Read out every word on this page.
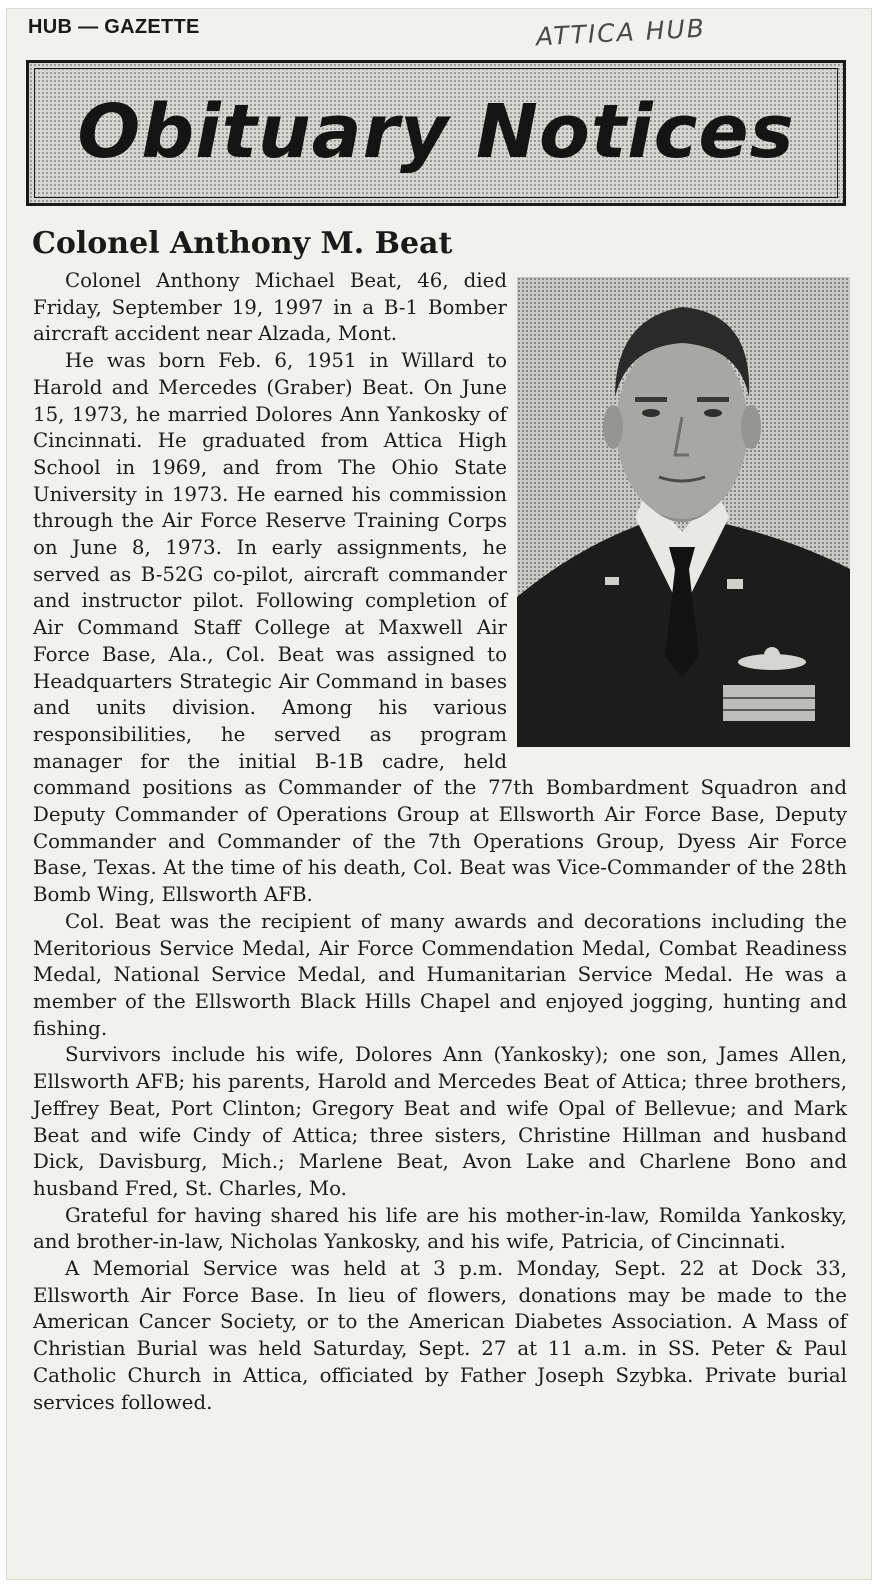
HUB — GAZETTE	ATTICA HUB
Obituary Notices
Colonel Anthony M. Beat

Colonel Anthony Michael Beat, 46, died Friday, September 19, 1997 in a B-1 Bomber aircraft accident near Alzada, Mont.

He was born Feb. 6, 1951 in Willard to Harold and Mercedes (Graber) Beat. On June 15, 1973, he married Dolores Ann Yankosky of Cincinnati. He graduated from Attica High School in 1969, and from The Ohio State University in 1973. He earned his commission through the Air Force Reserve Training Corps on June 8, 1973. In early assignments, he served as B-52G co-pilot, aircraft commander and instructor pilot. Following completion of Air Command Staff College at Maxwell Air Force Base, Ala., Col. Beat was assigned to Headquarters Strategic Air Command in bases and units division. Among his various responsibilities, he served as program manager for the initial B-1B cadre, held command positions as Commander of the 77th Bombardment Squadron and Deputy Commander of Operations Group at Ellsworth Air Force Base, Deputy Commander and Commander of the 7th Operations Group, Dyess Air Force Base, Texas. At the time of his death, Col. Beat was Vice-Commander of the 28th Bomb Wing, Ellsworth AFB.

Col. Beat was the recipient of many awards and decorations including the Meritorious Service Medal, Air Force Commendation Medal, Combat Readiness Medal, National Service Medal, and Humanitarian Service Medal. He was a member of the Ellsworth Black Hills Chapel and enjoyed jogging, hunting and fishing.

Survivors include his wife, Dolores Ann (Yankosky); one son, James Allen, Ellsworth AFB; his parents, Harold and Mercedes Beat of Attica; three brothers, Jeffrey Beat, Port Clinton; Gregory Beat and wife Opal of Bellevue; and Mark Beat and wife Cindy of Attica; three sisters, Christine Hillman and husband Dick, Davisburg, Mich.; Marlene Beat, Avon Lake and Charlene Bono and husband Fred, St. Charles, Mo.

Grateful for having shared his life are his mother-in-law, Romilda Yankosky, and brother-in-law, Nicholas Yankosky, and his wife, Patricia, of Cincinnati.

A Memorial Service was held at 3 p.m. Monday, Sept. 22 at Dock 33, Ellsworth Air Force Base. In lieu of flowers, donations may be made to the American Cancer Society, or to the American Diabetes Association. A Mass of Christian Burial was held Saturday, Sept. 27 at 11 a.m. in SS. Peter & Paul Catholic Church in Attica, officiated by Father Joseph Szybka. Private burial services followed.
